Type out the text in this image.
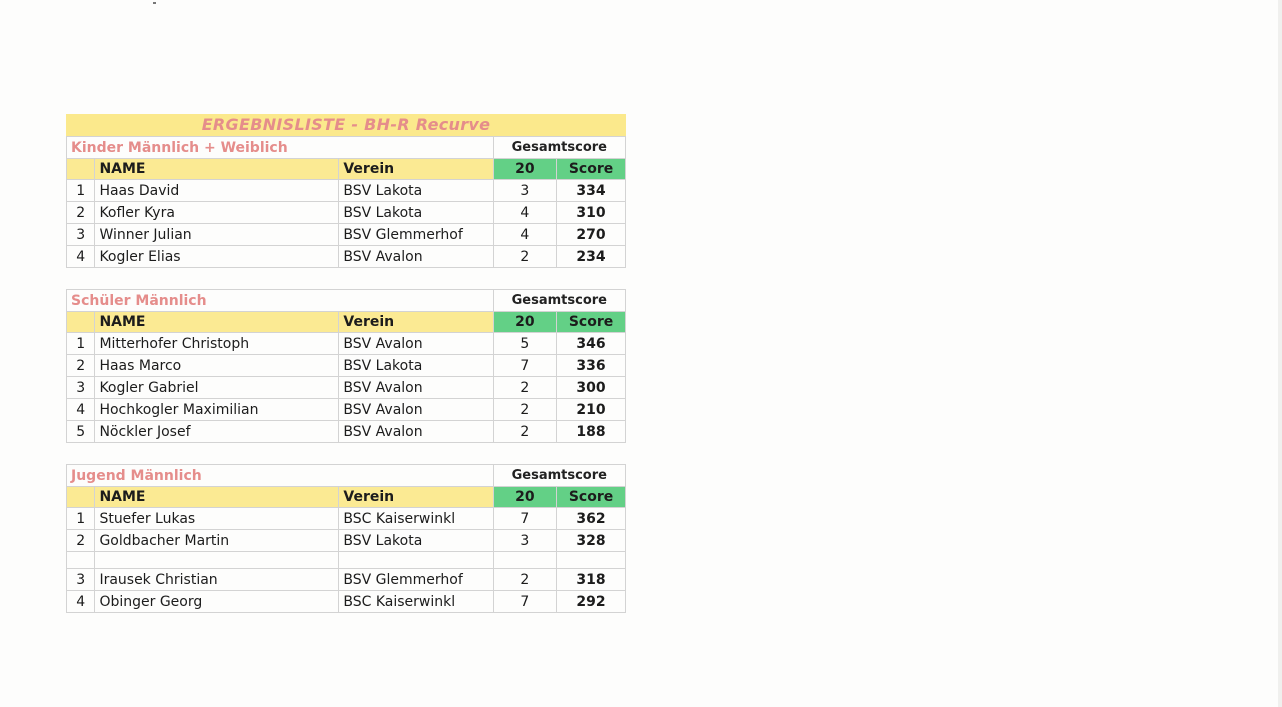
ERGEBNISLISTE - BH-R Recurve
Kinder Männlich + Weiblich			Gesamtscore	
	NAME	Verein	20	Score
1	Haas David	BSV Lakota	3	334
2	Kofler Kyra	BSV Lakota	4	310
3	Winner Julian	BSV Glemmerhof	4	270
4	Kogler Elias	BSV Avalon	2	234
Schüler Männlich			Gesamtscore	
	NAME	Verein	20	Score
1	Mitterhofer Christoph	BSV Avalon	5	346
2	Haas Marco	BSV Lakota	7	336
3	Kogler Gabriel	BSV Avalon	2	300
4	Hochkogler Maximilian	BSV Avalon	2	210
5	Nöckler Josef	BSV Avalon	2	188
Jugend Männlich			Gesamtscore	
	NAME	Verein	20	Score
1	Stuefer Lukas	BSC Kaiserwinkl	7	362
2	Goldbacher Martin	BSV Lakota	3	328

3	Irausek Christian	BSV Glemmerhof	2	318
4	Obinger Georg	BSC Kaiserwinkl	7	292
